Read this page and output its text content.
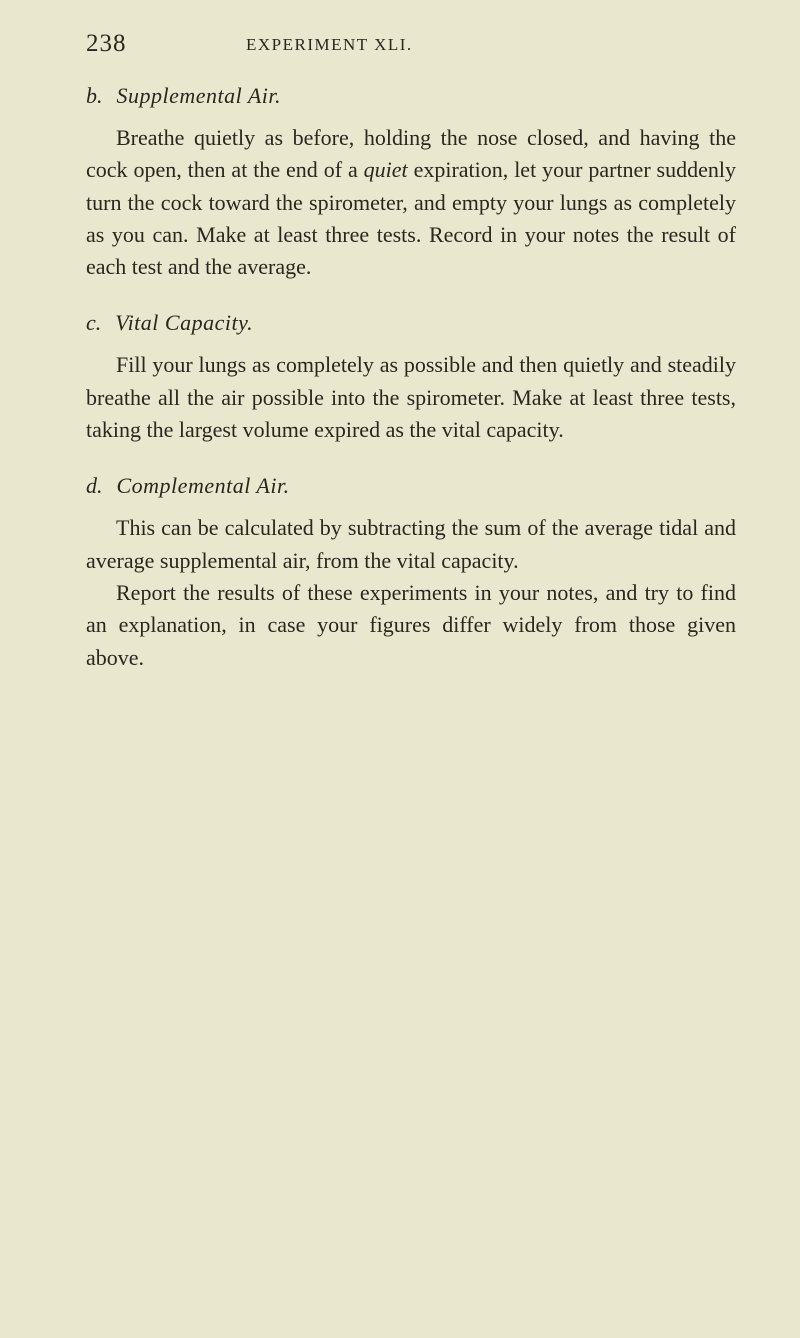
238	EXPERIMENT XLI.

b. Supplemental Air.

Breathe quietly as before, holding the nose closed, and having the cock open, then at the end of a quiet expiration, let your partner suddenly turn the cock toward the spirometer, and empty your lungs as completely as you can. Make at least three tests. Record in your notes the result of each test and the average.

c. Vital Capacity.

Fill your lungs as completely as possible and then quietly and steadily breathe all the air possible into the spirometer. Make at least three tests, taking the largest volume expired as the vital capacity.

d. Complemental Air.

This can be calculated by subtracting the sum of the average tidal and average supplemental air, from the vital capacity.

Report the results of these experiments in your notes, and try to find an explanation, in case your figures differ widely from those given above.
